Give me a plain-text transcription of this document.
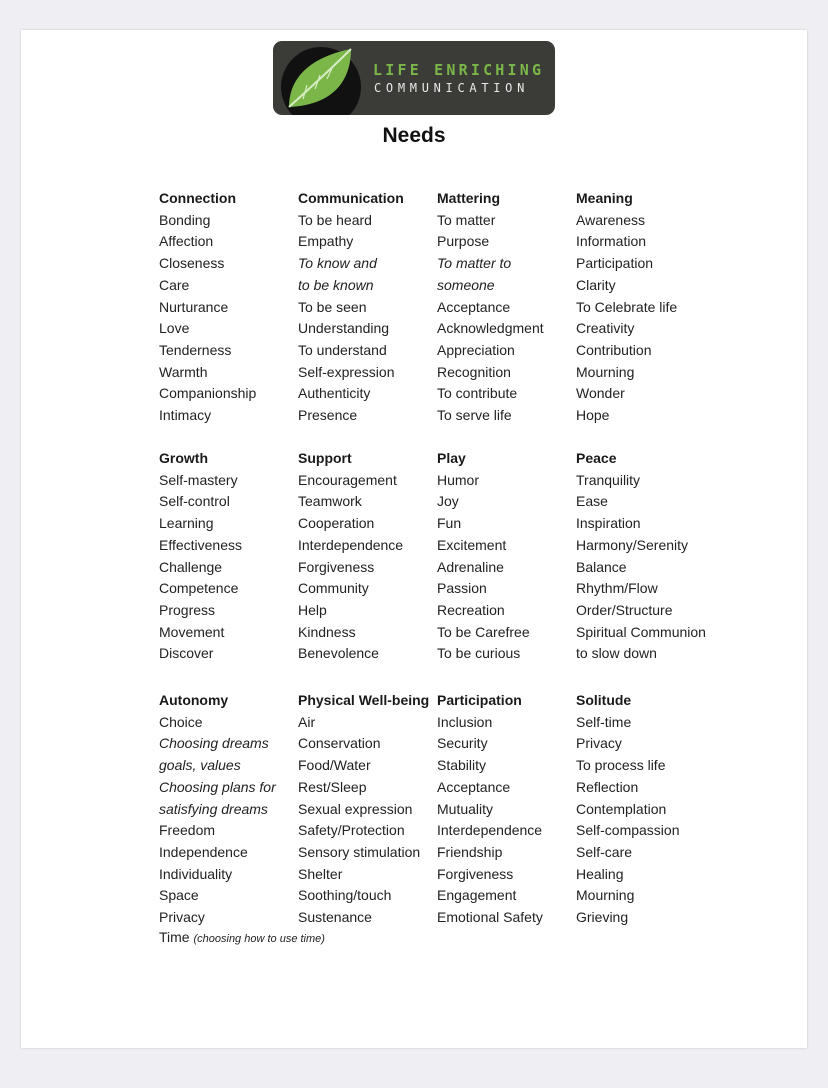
LIFE ENRICHING
COMMUNICATION
Needs
Connection
Bonding
Affection
Closeness
Care
Nurturance
Love
Tenderness
Warmth
Companionship
Intimacy
Communication
To be heard
Empathy
To know and
to be known
To be seen
Understanding
To understand
Self-expression
Authenticity
Presence
Mattering
To matter
Purpose
To matter to
someone
Acceptance
Acknowledgment
Appreciation
Recognition
To contribute
To serve life
Meaning
Awareness
Information
Participation
Clarity
To Celebrate life
Creativity
Contribution
Mourning
Wonder
Hope
Growth
Self-mastery
Self-control
Learning
Effectiveness
Challenge
Competence
Progress
Movement
Discover
Support
Encouragement
Teamwork
Cooperation
Interdependence
Forgiveness
Community
Help
Kindness
Benevolence
Play
Humor
Joy
Fun
Excitement
Adrenaline
Passion
Recreation
To be Carefree
To be curious
Peace
Tranquility
Ease
Inspiration
Harmony/Serenity
Balance
Rhythm/Flow
Order/Structure
Spiritual Communion
to slow down
Autonomy
Choice
Choosing dreams
goals, values
Choosing plans for
satisfying dreams
Freedom
Independence
Individuality
Space
Privacy
Physical Well-being
Air
Conservation
Food/Water
Rest/Sleep
Sexual expression
Safety/Protection
Sensory stimulation
Shelter
Soothing/touch
Sustenance
Participation
Inclusion
Security
Stability
Acceptance
Mutuality
Interdependence
Friendship
Forgiveness
Engagement
Emotional Safety
Solitude
Self-time
Privacy
To process life
Reflection
Contemplation
Self-compassion
Self-care
Healing
Mourning
Grieving
Time (choosing how to use time)
